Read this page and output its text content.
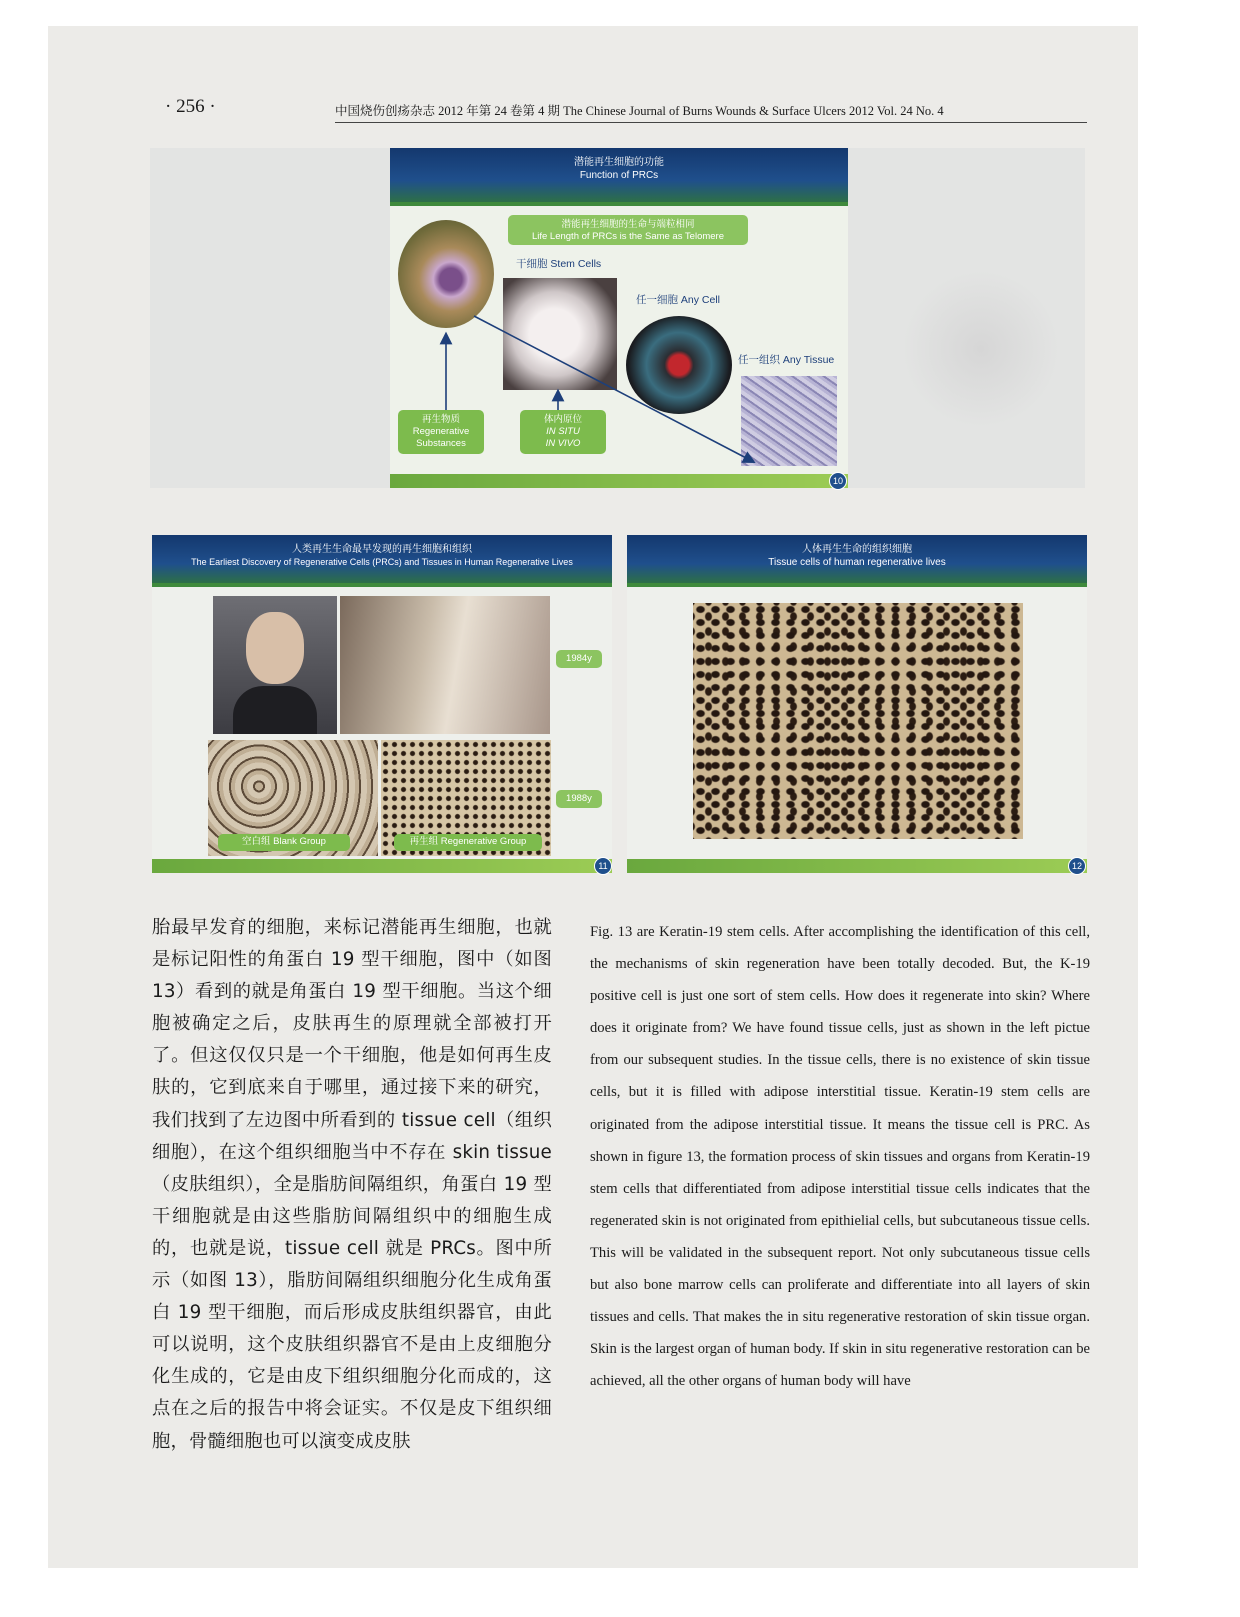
· 256 ·	中国烧伤创疡杂志 2012 年第 24 卷第 4 期 The Chinese Journal of Burns Wounds & Surface Ulcers 2012 Vol. 24 No. 4
潜能再生细胞的功能
Function of PRCs
潜能再生细胞的生命与端粒相同
Life Length of PRCs is the Same as Telomere
干细胞 Stem Cells
任一细胞 Any Cell
任一组织 Any Tissue
再生物质
Regenerative
Substances
体内原位
IN SITU
IN VIVO
10
人类再生生命最早发现的再生细胞和组织
The Earliest Discovery of Regenerative Cells (PRCs) and Tissues in Human Regenerative Lives
1984y
1988y
空白组 Blank Group	再生组 Regenerative Group
11
人体再生生命的组织细胞
Tissue cells of human regenerative lives
12
胎最早发育的细胞，来标记潜能再生细胞，也就是标记阳性的角蛋白 19 型干细胞，图中（如图 13）看到的就是角蛋白 19 型干细胞。当这个细胞被确定之后，皮肤再生的原理就全部被打开了。但这仅仅只是一个干细胞，他是如何再生皮肤的，它到底来自于哪里，通过接下来的研究，我们找到了左边图中所看到的 tissue cell（组织细胞），在这个组织细胞当中不存在 skin tissue（皮肤组织），全是脂肪间隔组织，角蛋白 19 型干细胞就是由这些脂肪间隔组织中的细胞生成的，也就是说，tissue cell 就是 PRCs。图中所示（如图 13），脂肪间隔组织细胞分化生成角蛋白 19 型干细胞，而后形成皮肤组织器官，由此可以说明，这个皮肤组织器官不是由上皮细胞分化生成的，它是由皮下组织细胞分化而成的，这点在之后的报告中将会证实。不仅是皮下组织细胞，骨髓细胞也可以演变成皮肤
Fig. 13 are Keratin-19 stem cells. After accomplishing the identification of this cell, the mechanisms of skin regeneration have been totally decoded. But, the K-19 positive cell is just one sort of stem cells. How does it regenerate into skin? Where does it originate from? We have found tissue cells, just as shown in the left pictue from our subsequent studies. In the tissue cells, there is no existence of skin tissue cells, but it is filled with adipose interstitial tissue. Keratin-19 stem cells are originated from the adipose interstitial tissue. It means the tissue cell is PRC. As shown in figure 13, the formation process of skin tissues and organs from Keratin-19 stem cells that differentiated from adipose interstitial tissue cells indicates that the regenerated skin is not originated from epithielial cells, but subcutaneous tissue cells. This will be validated in the subsequent report. Not only subcutaneous tissue cells but also bone marrow cells can proliferate and differentiate into all layers of skin tissues and cells. That makes the in situ regenerative restoration of skin tissue organ. Skin is the largest organ of human body. If skin in situ regenerative restoration can be achieved, all the other organs of human body will have
